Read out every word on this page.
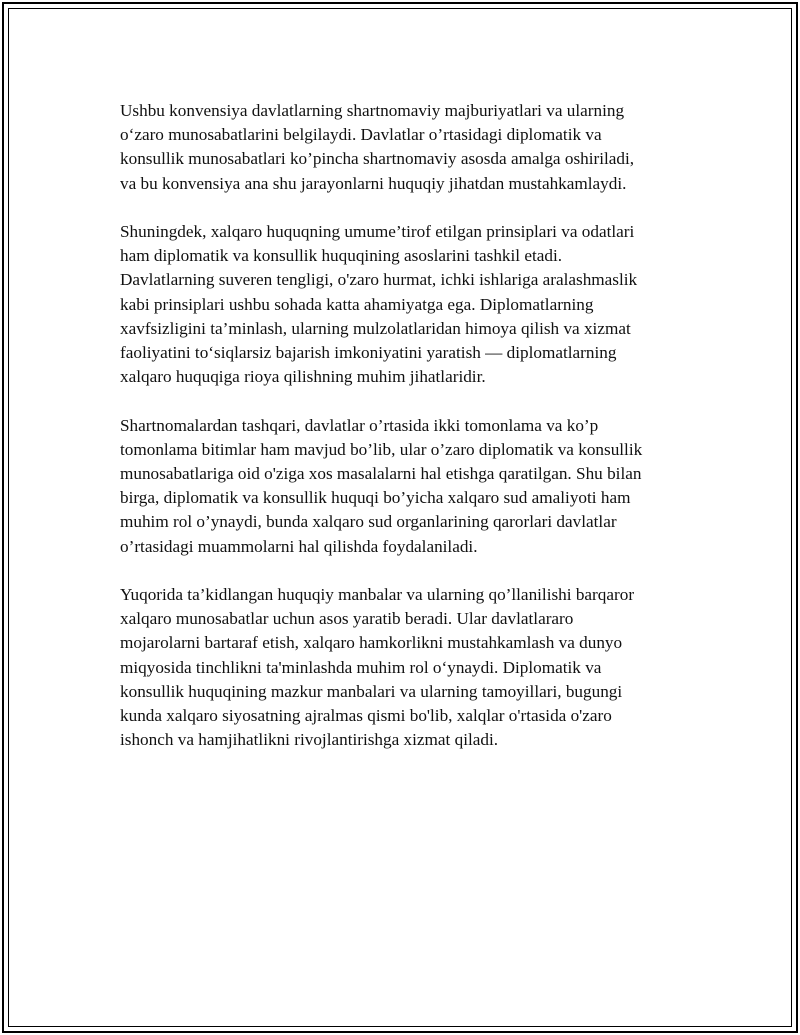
Ushbu konvensiya davlatlarning shartnomaviy majburiyatlari va ularning
o‘zaro munosabatlarini belgilaydi. Davlatlar o’rtasidagi diplomatik va
konsullik munosabatlari ko’pincha shartnomaviy asosda amalga oshiriladi,
va bu konvensiya ana shu jarayonlarni huquqiy jihatdan mustahkamlaydi.

Shuningdek, xalqaro huquqning umume’tirof etilgan prinsiplari va odatlari
ham diplomatik va konsullik huquqining asoslarini tashkil etadi.
Davlatlarning suveren tengligi, o'zaro hurmat, ichki ishlariga aralashmaslik
kabi prinsiplari ushbu sohada katta ahamiyatga ega. Diplomatlarning
xavfsizligini ta’minlash, ularning mulzolatlaridan himoya qilish va xizmat
faoliyatini to‘siqlarsiz bajarish imkoniyatini yaratish — diplomatlarning
xalqaro huquqiga rioya qilishning muhim jihatlaridir.

Shartnomalardan tashqari, davlatlar o’rtasida ikki tomonlama va ko’p
tomonlama bitimlar ham mavjud bo’lib, ular o’zaro diplomatik va konsullik
munosabatlariga oid o'ziga xos masalalarni hal etishga qaratilgan. Shu bilan
birga, diplomatik va konsullik huquqi bo’yicha xalqaro sud amaliyoti ham
muhim rol o’ynaydi, bunda xalqaro sud organlarining qarorlari davlatlar
o’rtasidagi muammolarni hal qilishda foydalaniladi.

Yuqorida ta’kidlangan huquqiy manbalar va ularning qo’llanilishi barqaror
xalqaro munosabatlar uchun asos yaratib beradi. Ular davlatlararo
mojarolarni bartaraf etish, xalqaro hamkorlikni mustahkamlash va dunyo
miqyosida tinchlikni ta'minlashda muhim rol o‘ynaydi. Diplomatik va
konsullik huquqining mazkur manbalari va ularning tamoyillari, bugungi
kunda xalqaro siyosatning ajralmas qismi bo'lib, xalqlar o'rtasida o'zaro
ishonch va hamjihatlikni rivojlantirishga xizmat qiladi.
